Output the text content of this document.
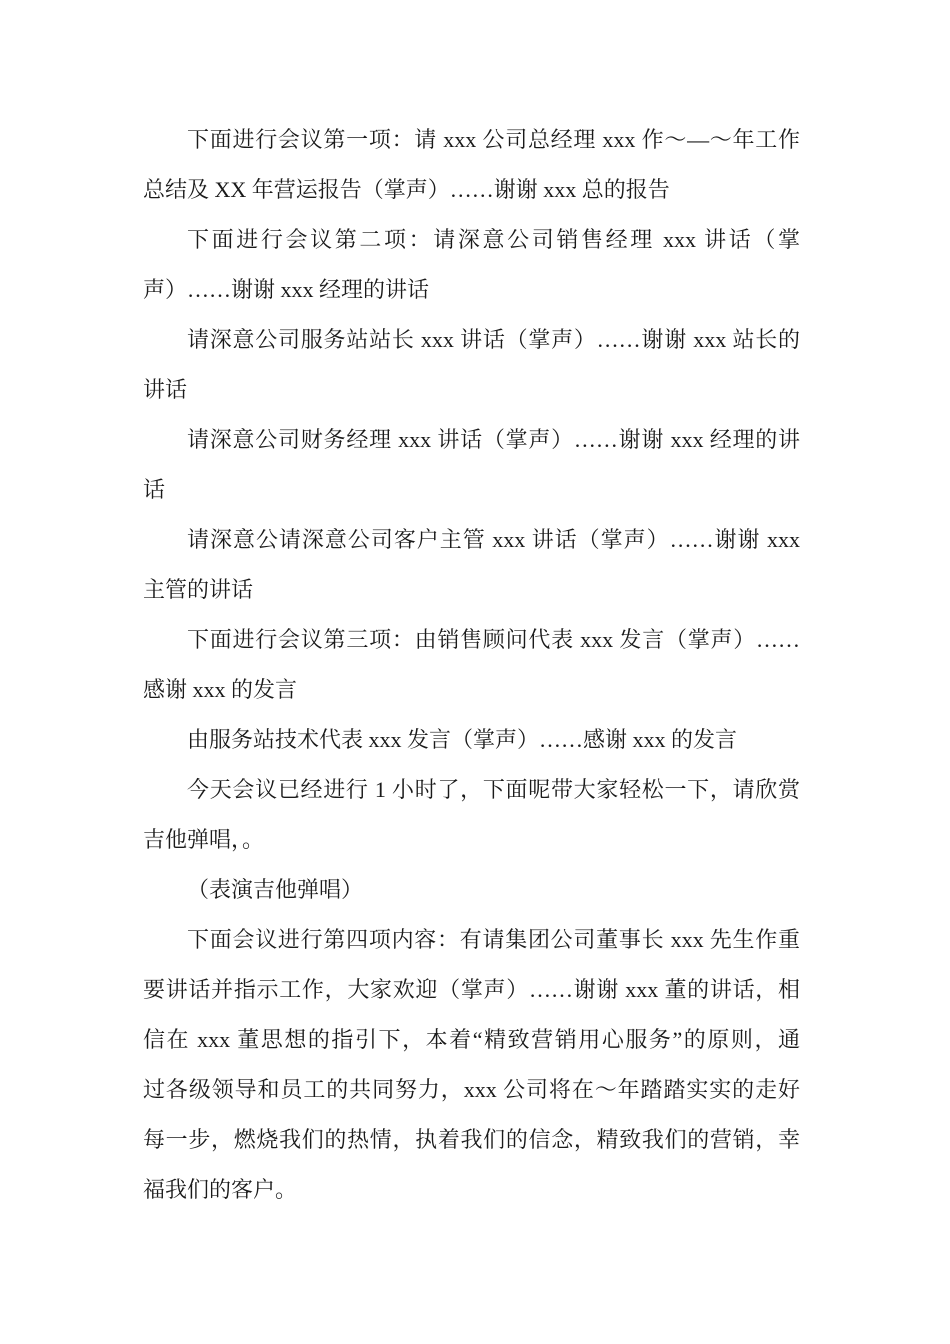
下面进行会议第一项：请 xxx 公司总经理 xxx 作～—～年工作
总结及 XX 年营运报告（掌声）……谢谢 xxx 总的报告
下面进行会议第二项：请深意公司销售经理 xxx 讲话（掌
声）……谢谢 xxx 经理的讲话
请深意公司服务站站长 xxx 讲话（掌声）……谢谢 xxx 站长的
讲话
请深意公司财务经理 xxx 讲话（掌声）……谢谢 xxx 经理的讲
话
请深意公请深意公司客户主管 xxx 讲话（掌声）……谢谢 xxx
主管的讲话
下面进行会议第三项：由销售顾问代表 xxx 发言（掌声）……
感谢 xxx 的发言
由服务站技术代表 xxx 发言（掌声）……感谢 xxx 的发言
今天会议已经进行 1 小时了，下面呢带大家轻松一下，请欣赏
吉他弹唱，。
（表演吉他弹唱）
下面会议进行第四项内容：有请集团公司董事长 xxx 先生作重
要讲话并指示工作，大家欢迎（掌声）……谢谢 xxx 董的讲话，相
信在 xxx 董思想的指引下，本着“精致营销用心服务”的原则，通
过各级领导和员工的共同努力，xxx 公司将在～年踏踏实实的走好
每一步，燃烧我们的热情，执着我们的信念，精致我们的营销，幸
福我们的客户。
